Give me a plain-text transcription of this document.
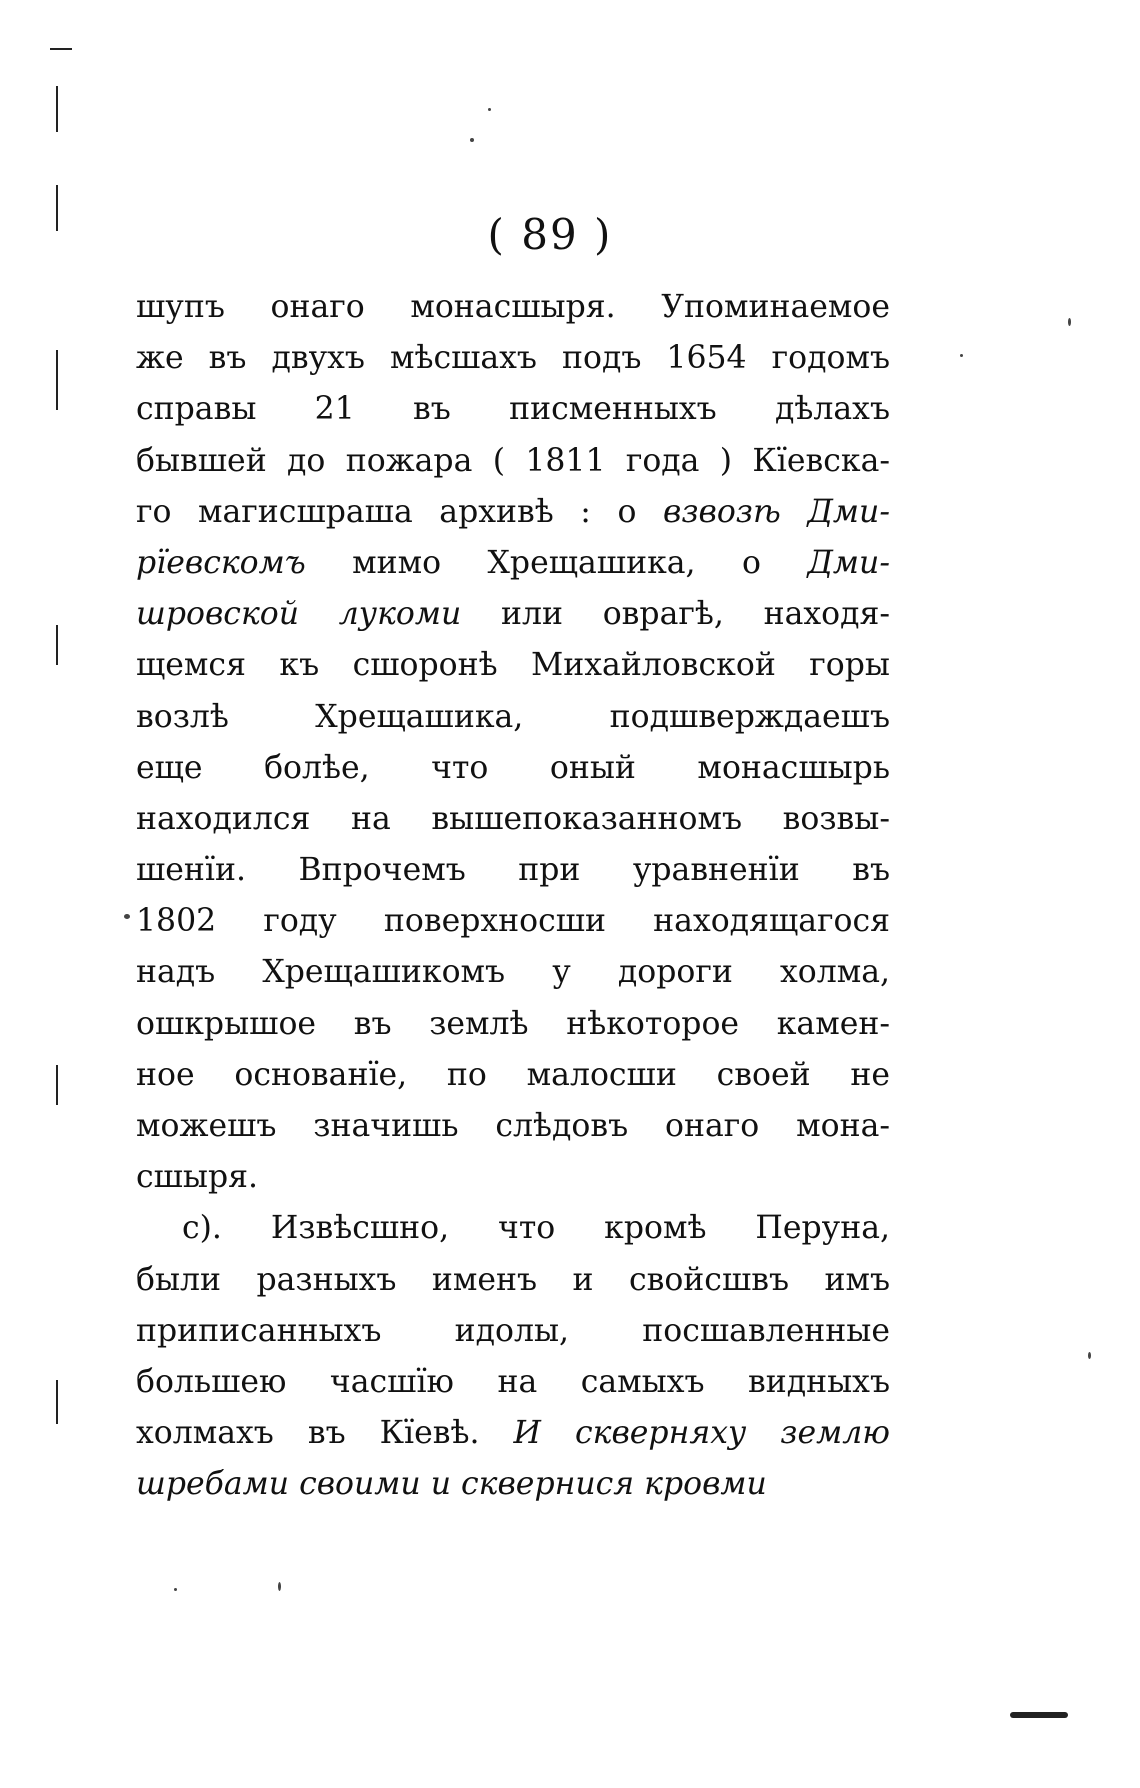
( 89 )
шупъ онаго монасшыря. Упоминаемое
же въ двухъ мѣсшахъ подъ 1654 годомъ
справы 21 въ писменныхъ дѣлахъ
бывшей до пожара ( 1811 года ) Кїевска-
го магисшраша архивѣ : о взвозѣ Дми-
рїевскомъ мимо Хрещашика, о Дми-
шровской лукоми или оврагѣ, находя-
щемся къ сшоронѣ Михайловской горы
возлѣ Хрещашика, подшверждаешъ
еще болѣе, что оный монасшырь
находился на вышепоказанномъ возвы-
шенїи. Впрочемъ при уравненїи въ
1802 году поверхносши находящагося
надъ Хрещашикомъ у дороги холма,
ошкрышое въ землѣ нѣкоторое камен-
ное основанїе, по малосши своей не
можешъ значишь слѣдовъ онаго мона-
сшыря.
с). Извѣсшно, что кромѣ Перуна,
были разныхъ именъ и свойсшвъ имъ
приписанныхъ идолы, посшавленные
большею часшїю на самыхъ видныхъ
холмахъ въ Кїевѣ. И скверняху землю
шребами своими и сквернися кровми
